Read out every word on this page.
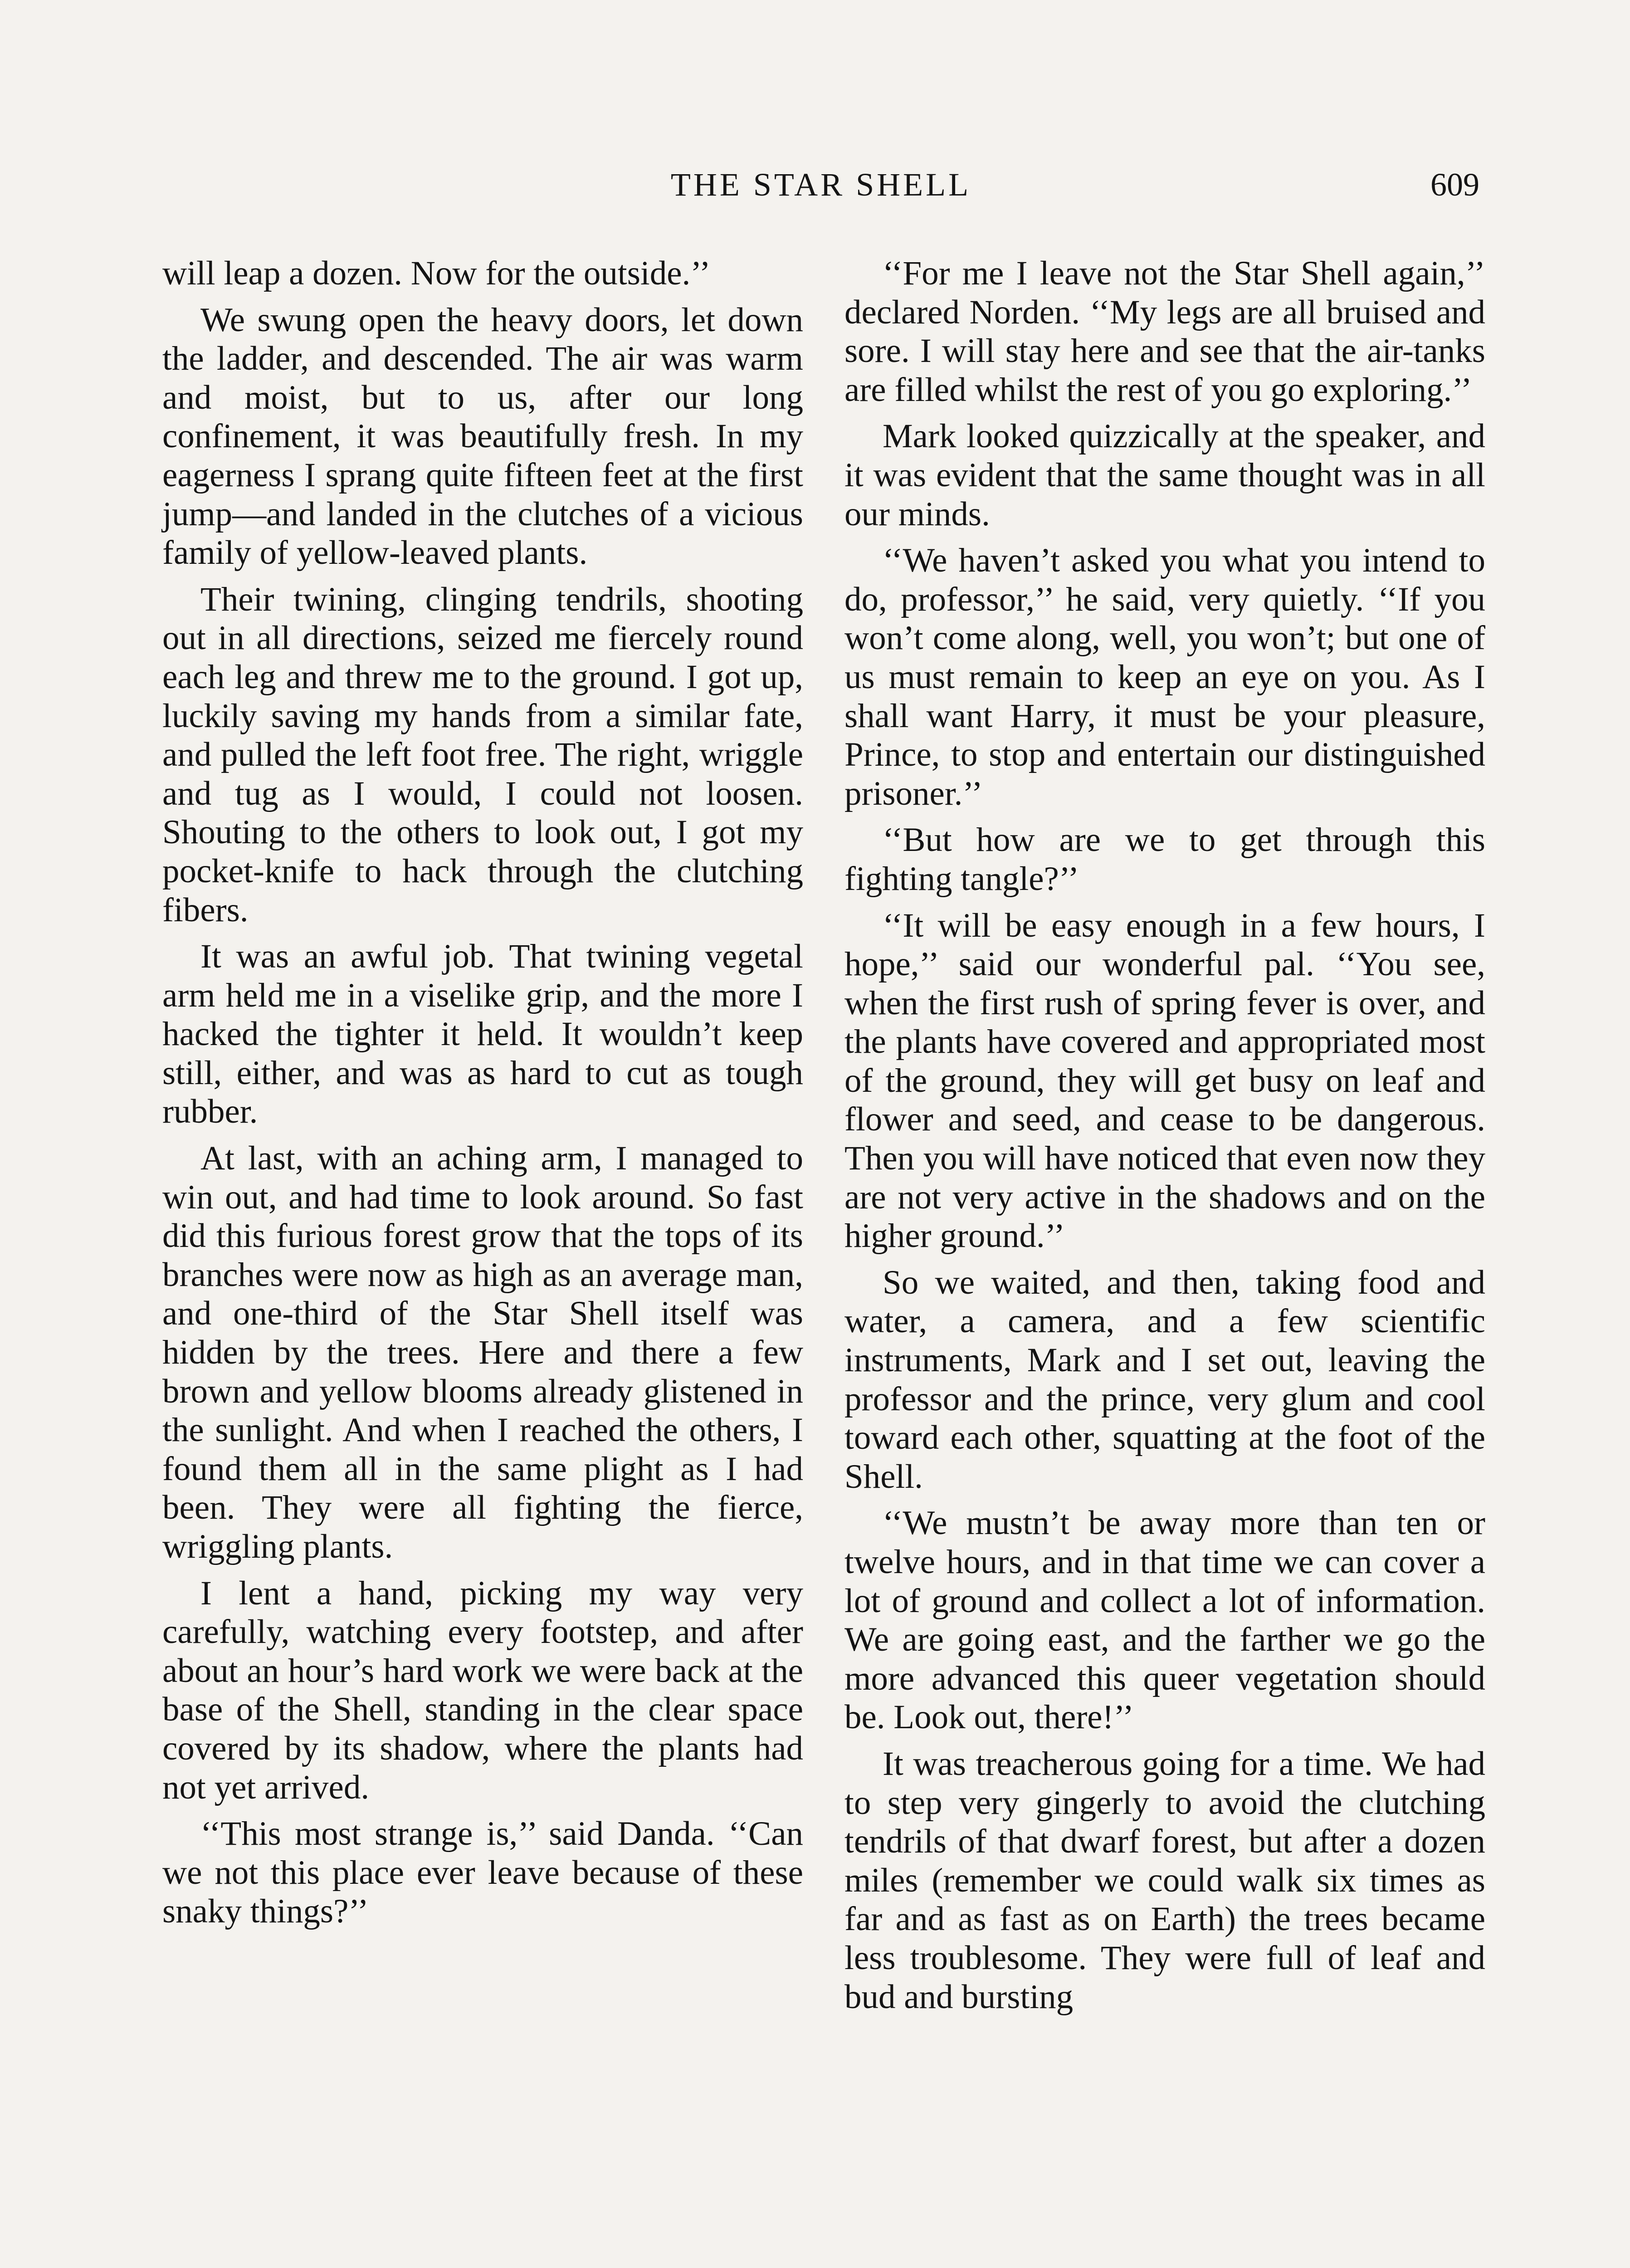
THE STAR SHELL	609

will leap a dozen. Now for the outside.’’

We swung open the heavy doors, let down the ladder, and descended. The air was warm and moist, but to us, after our long confinement, it was beautifully fresh. In my eagerness I sprang quite fifteen feet at the first jump—and landed in the clutches of a vicious family of yellow-leaved plants.

Their twining, clinging tendrils, shooting out in all directions, seized me fiercely round each leg and threw me to the ground. I got up, luckily saving my hands from a similar fate, and pulled the left foot free. The right, wriggle and tug as I would, I could not loosen. Shouting to the others to look out, I got my pocket-knife to hack through the clutching fibers.

It was an awful job. That twining vegetal arm held me in a viselike grip, and the more I hacked the tighter it held. It wouldn’t keep still, either, and was as hard to cut as tough rubber.

At last, with an aching arm, I managed to win out, and had time to look around. So fast did this furious forest grow that the tops of its branches were now as high as an average man, and one-third of the Star Shell itself was hidden by the trees. Here and there a few brown and yellow blooms already glistened in the sunlight. And when I reached the others, I found them all in the same plight as I had been. They were all fighting the fierce, wriggling plants.

I lent a hand, picking my way very carefully, watching every footstep, and after about an hour’s hard work we were back at the base of the Shell, standing in the clear space covered by its shadow, where the plants had not yet arrived.

‘‘This most strange is,’’ said Danda. ‘‘Can we not this place ever leave because of these snaky things?’’

‘‘For me I leave not the Star Shell again,’’ declared Norden. ‘‘My legs are all bruised and sore. I will stay here and see that the air-tanks are filled whilst the rest of you go exploring.’’

Mark looked quizzically at the speaker, and it was evident that the same thought was in all our minds.

‘‘We haven’t asked you what you intend to do, professor,’’ he said, very quietly. ‘‘If you won’t come along, well, you won’t; but one of us must remain to keep an eye on you. As I shall want Harry, it must be your pleasure, Prince, to stop and entertain our distinguished prisoner.’’

‘‘But how are we to get through this fighting tangle?’’

‘‘It will be easy enough in a few hours, I hope,’’ said our wonderful pal. ‘‘You see, when the first rush of spring fever is over, and the plants have covered and appropriated most of the ground, they will get busy on leaf and flower and seed, and cease to be dangerous. Then you will have noticed that even now they are not very active in the shadows and on the higher ground.’’

So we waited, and then, taking food and water, a camera, and a few scientific instruments, Mark and I set out, leaving the professor and the prince, very glum and cool toward each other, squatting at the foot of the Shell.

‘‘We mustn’t be away more than ten or twelve hours, and in that time we can cover a lot of ground and collect a lot of information. We are going east, and the farther we go the more advanced this queer vegetation should be. Look out, there!’’

It was treacherous going for a time. We had to step very gingerly to avoid the clutching tendrils of that dwarf forest, but after a dozen miles (remember we could walk six times as far and as fast as on Earth) the trees became less troublesome. They were full of leaf and bud and bursting
